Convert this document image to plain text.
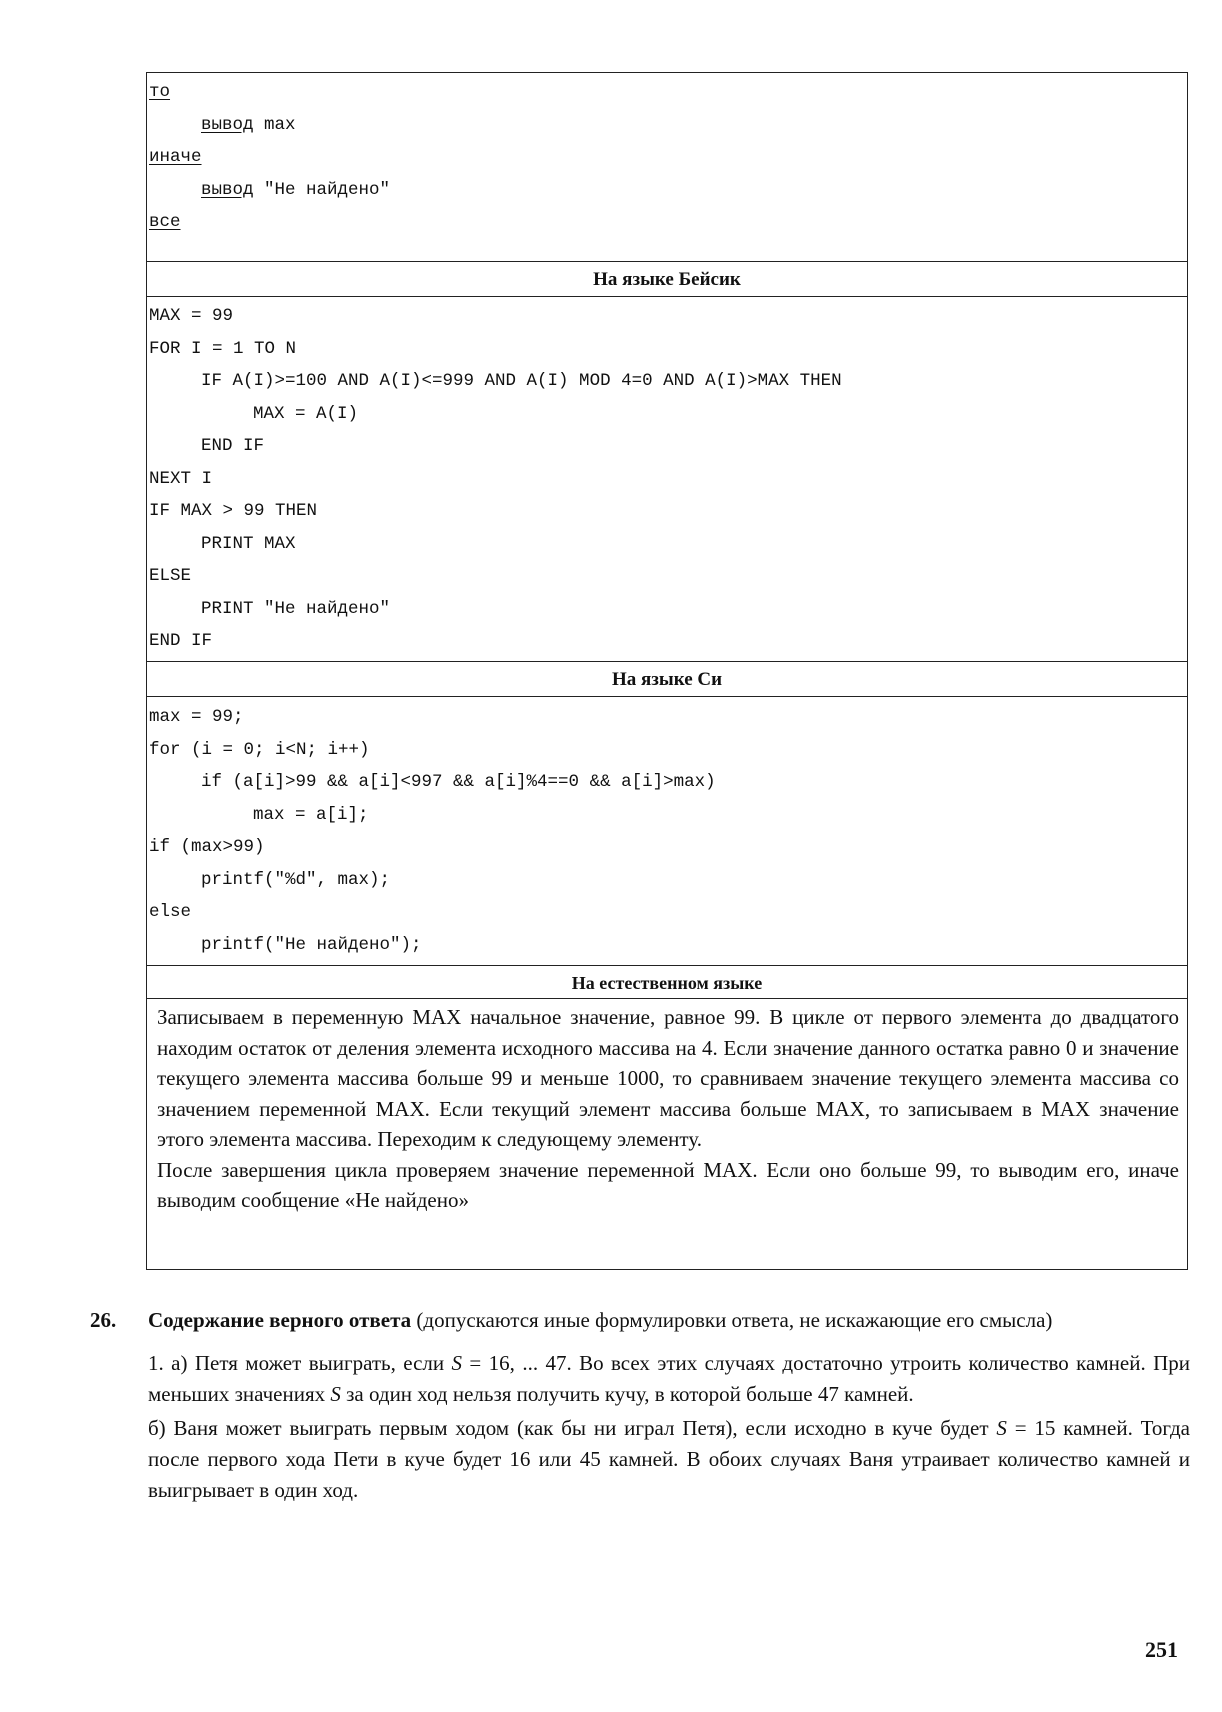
то
вывод max
иначе
вывод "Не найдено"
все
На языке Бейсик
MAX = 99
FOR I = 1 TO N
IF A(I)>=100 AND A(I)<=999 AND A(I) MOD 4=0 AND A(I)>MAX THEN
MAX = A(I)
END IF
NEXT I
IF MAX > 99 THEN
PRINT MAX
ELSE
PRINT "Не найдено"
END IF
На языке Си
max = 99;
for (i = 0; i<N; i++)
if (a[i]>99 && a[i]<997 && a[i]%4==0 && a[i]>max)
max = a[i];
if (max>99)
printf("%d", max);
else
printf("Не найдено");
На естественном языке

Записываем в переменную MAX начальное значение, равное 99. В цикле от первого элемента до двадцатого находим остаток от деления элемента исходного массива на 4. Если значение данного остатка равно 0 и значение текущего элемента массива больше 99 и меньше 1000, то сравниваем значение текущего элемента массива со значением переменной MAX. Если текущий элемент массива больше MAX, то записываем в MAX значение этого элемента массива. Переходим к следующему элементу.

После завершения цикла проверяем значение переменной MAX. Если оно больше 99, то выводим его, иначе выводим сообщение «Не найдено»

26. Содержание верного ответа (допускаются иные формулировки ответа, не искажающие его смысла)

1. а) Петя может выиграть, если S = 16, ... 47. Во всех этих случаях достаточно утроить количество камней. При меньших значениях S за один ход нельзя получить кучу, в которой больше 47 камней.

б) Ваня может выиграть первым ходом (как бы ни играл Петя), если исходно в куче будет S = 15 камней. Тогда после первого хода Пети в куче будет 16 или 45 камней. В обоих случаях Ваня утраивает количество камней и выигрывает в один ход.

251
